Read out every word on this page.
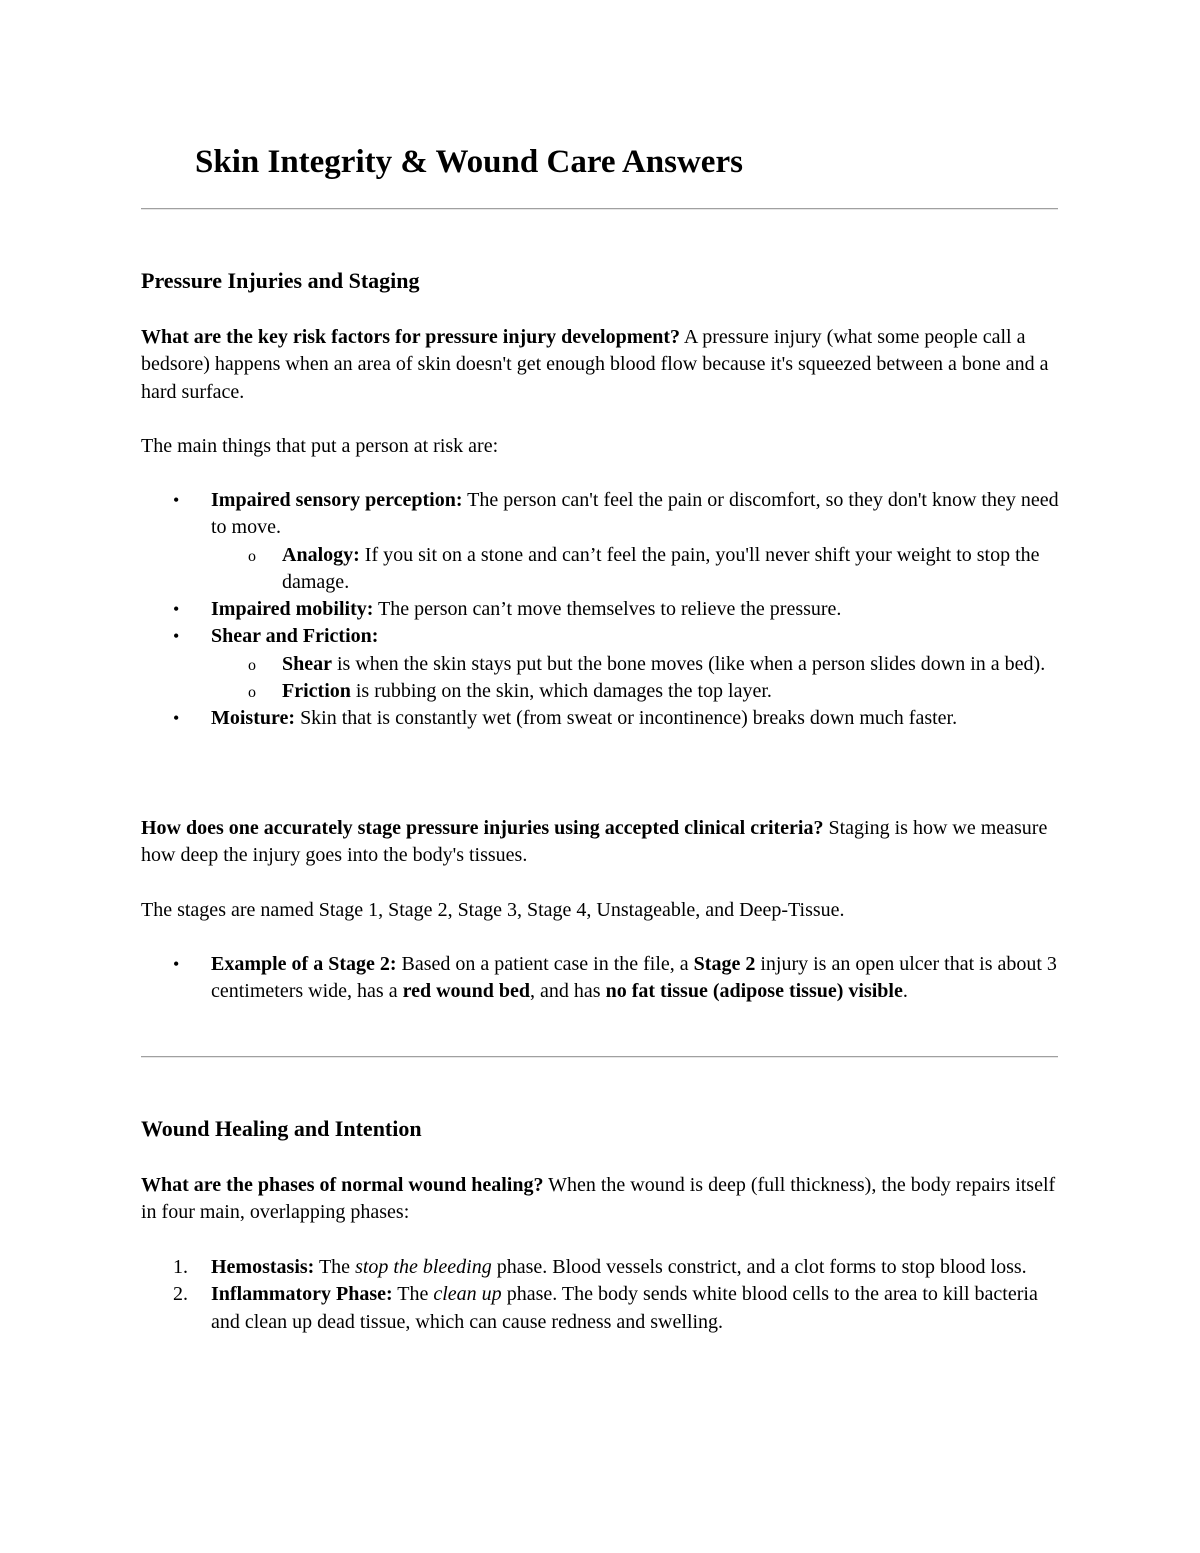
Skin Integrity & Wound Care Answers
Pressure Injuries and Staging

What are the key risk factors for pressure injury development? A pressure injury (what some people call a bedsore) happens when an area of skin doesn't get enough blood flow because it's squeezed between a bone and a hard surface.

The main things that put a person at risk are:

• Impaired sensory perception: The person can't feel the pain or discomfort, so they don't know they need to move.
o Analogy: If you sit on a stone and can’t feel the pain, you'll never shift your weight to stop the damage.
• Impaired mobility: The person can’t move themselves to relieve the pressure.
• Shear and Friction:
o Shear is when the skin stays put but the bone moves (like when a person slides down in a bed).
o Friction is rubbing on the skin, which damages the top layer.
• Moisture: Skin that is constantly wet (from sweat or incontinence) breaks down much faster.

How does one accurately stage pressure injuries using accepted clinical criteria? Staging is how we measure how deep the injury goes into the body's tissues.

The stages are named Stage 1, Stage 2, Stage 3, Stage 4, Unstageable, and Deep-Tissue.

• Example of a Stage 2: Based on a patient case in the file, a Stage 2 injury is an open ulcer that is about 3 centimeters wide, has a red wound bed, and has no fat tissue (adipose tissue) visible.
Wound Healing and Intention

What are the phases of normal wound healing? When the wound is deep (full thickness), the body repairs itself in four main, overlapping phases:

1. Hemostasis: The stop the bleeding phase. Blood vessels constrict, and a clot forms to stop blood loss.
2. Inflammatory Phase: The clean up phase. The body sends white blood cells to the area to kill bacteria and clean up dead tissue, which can cause redness and swelling.
